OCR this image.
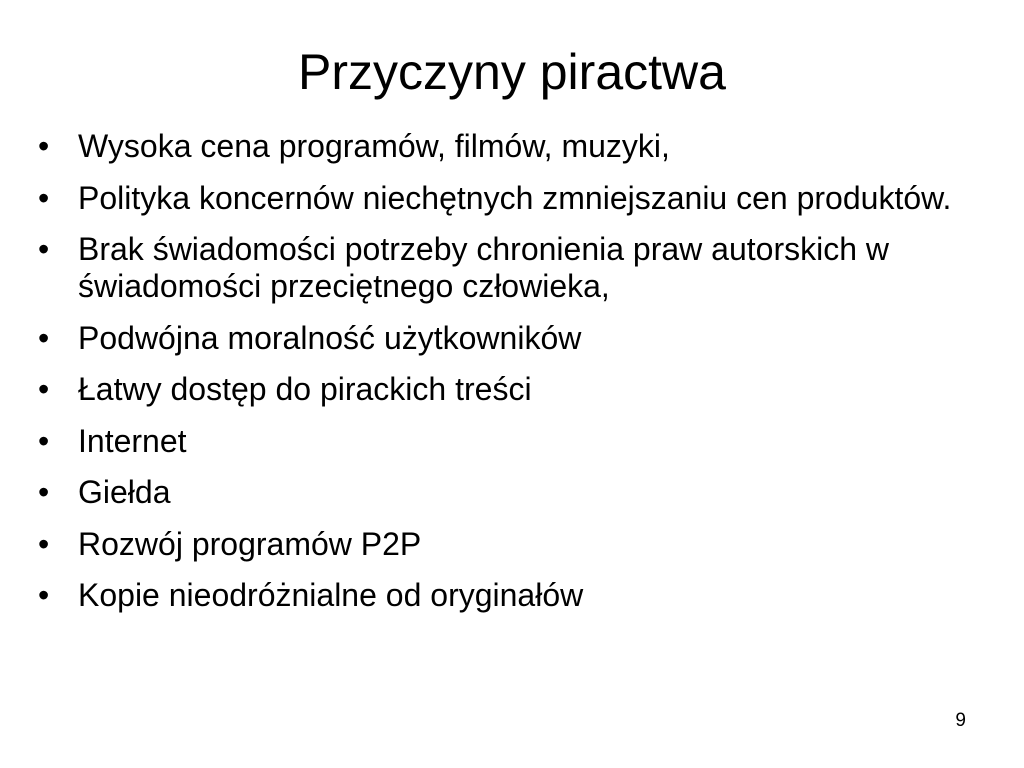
Przyczyny piractwa
• Wysoka cena programów, filmów, muzyki,
• Polityka koncernów niechętnych zmniejszaniu cen produktów.
• Brak świadomości potrzeby chronienia praw autorskich w świadomości przeciętnego człowieka,
• Podwójna moralność użytkowników
• Łatwy dostęp do pirackich treści
• Internet
• Giełda
• Rozwój programów P2P
• Kopie nieodróżnialne od oryginałów
9
